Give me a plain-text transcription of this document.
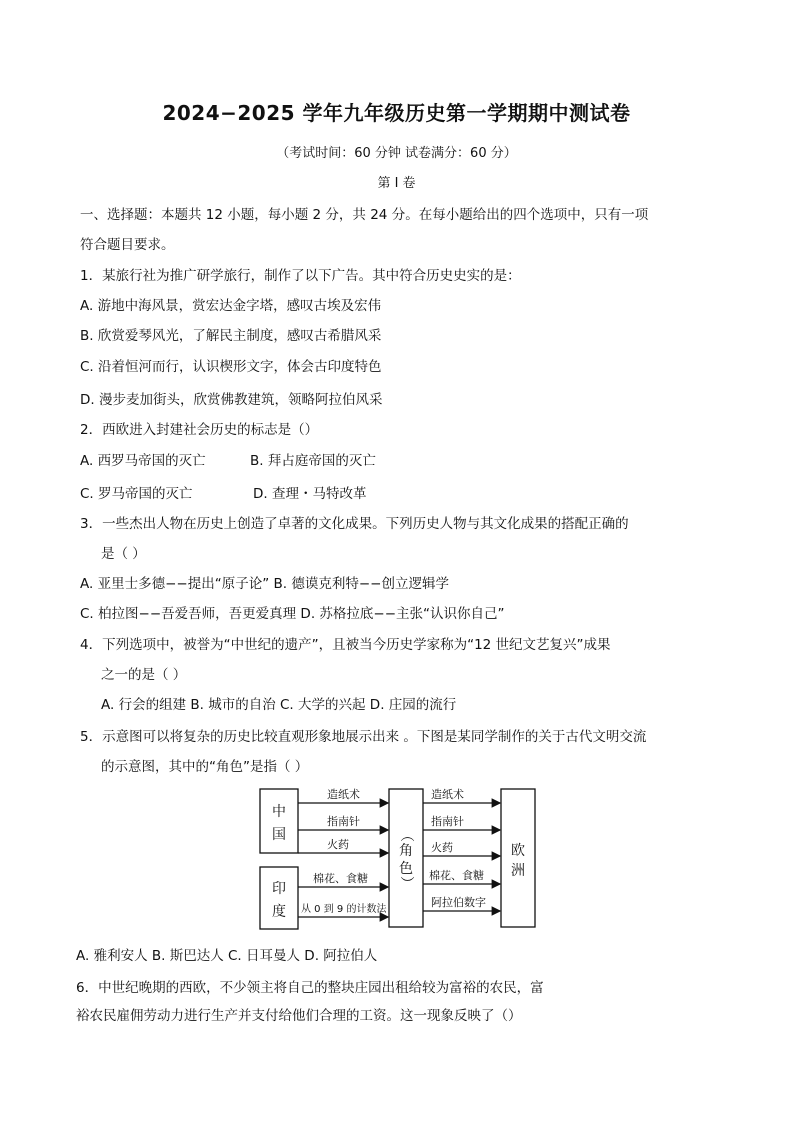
2024−2025 学年九年级历史第一学期期中测试卷
（考试时间：60 分钟 试卷满分：60 分）
第 I 卷
一、选择题：本题共 12 小题，每小题 2 分，共 24 分。在每小题给出的四个选项中，只有一项
符合题目要求。
1．某旅行社为推广研学旅行，制作了以下广告。其中符合历史史实的是：
A. 游地中海风景，赏宏达金字塔，感叹古埃及宏伟
B. 欣赏爱琴风光，了解民主制度，感叹古希腊风采
C. 沿着恒河而行，认识楔形文字，体会古印度特色
D. 漫步麦加街头，欣赏佛教建筑，领略阿拉伯风采
2．西欧进入封建社会历史的标志是（）
A. 西罗马帝国的灭亡	B. 拜占庭帝国的灭亡
C. 罗马帝国的灭亡	D. 查理・马特改革
3．一些杰出人物在历史上创造了卓著的文化成果。下列历史人物与其文化成果的搭配正确的
是（ ）
A. 亚里士多德−−提出“原子论” B. 德谟克利特−−创立逻辑学
C. 柏拉图−−吾爱吾师，吾更爱真理 D. 苏格拉底−−主张“认识你自己”
4．下列选项中，被誉为“中世纪的遗产”，且被当今历史学家称为“12 世纪文艺复兴”成果
之一的是（ ）
A. 行会的组建 B. 城市的自治 C. 大学的兴起 D. 庄园的流行
5．示意图可以将复杂的历史比较直观形象地展示出来 。下图是某同学制作的关于古代文明交流
的示意图，其中的“角色”是指（ ）
中
国
印
度
（
角
色
）
欧
洲
造纸术
指南针
火药
棉花、食糖
从 0 到 9 的计数法
造纸术
指南针
火药
棉花、食糖
阿拉伯数字
A. 雅利安人 B. 斯巴达人 C. 日耳曼人 D. 阿拉伯人
6．中世纪晚期的西欧，不少领主将自己的整块庄园出租给较为富裕的农民，富
裕农民雇佣劳动力进行生产并支付给他们合理的工资。这一现象反映了（）
